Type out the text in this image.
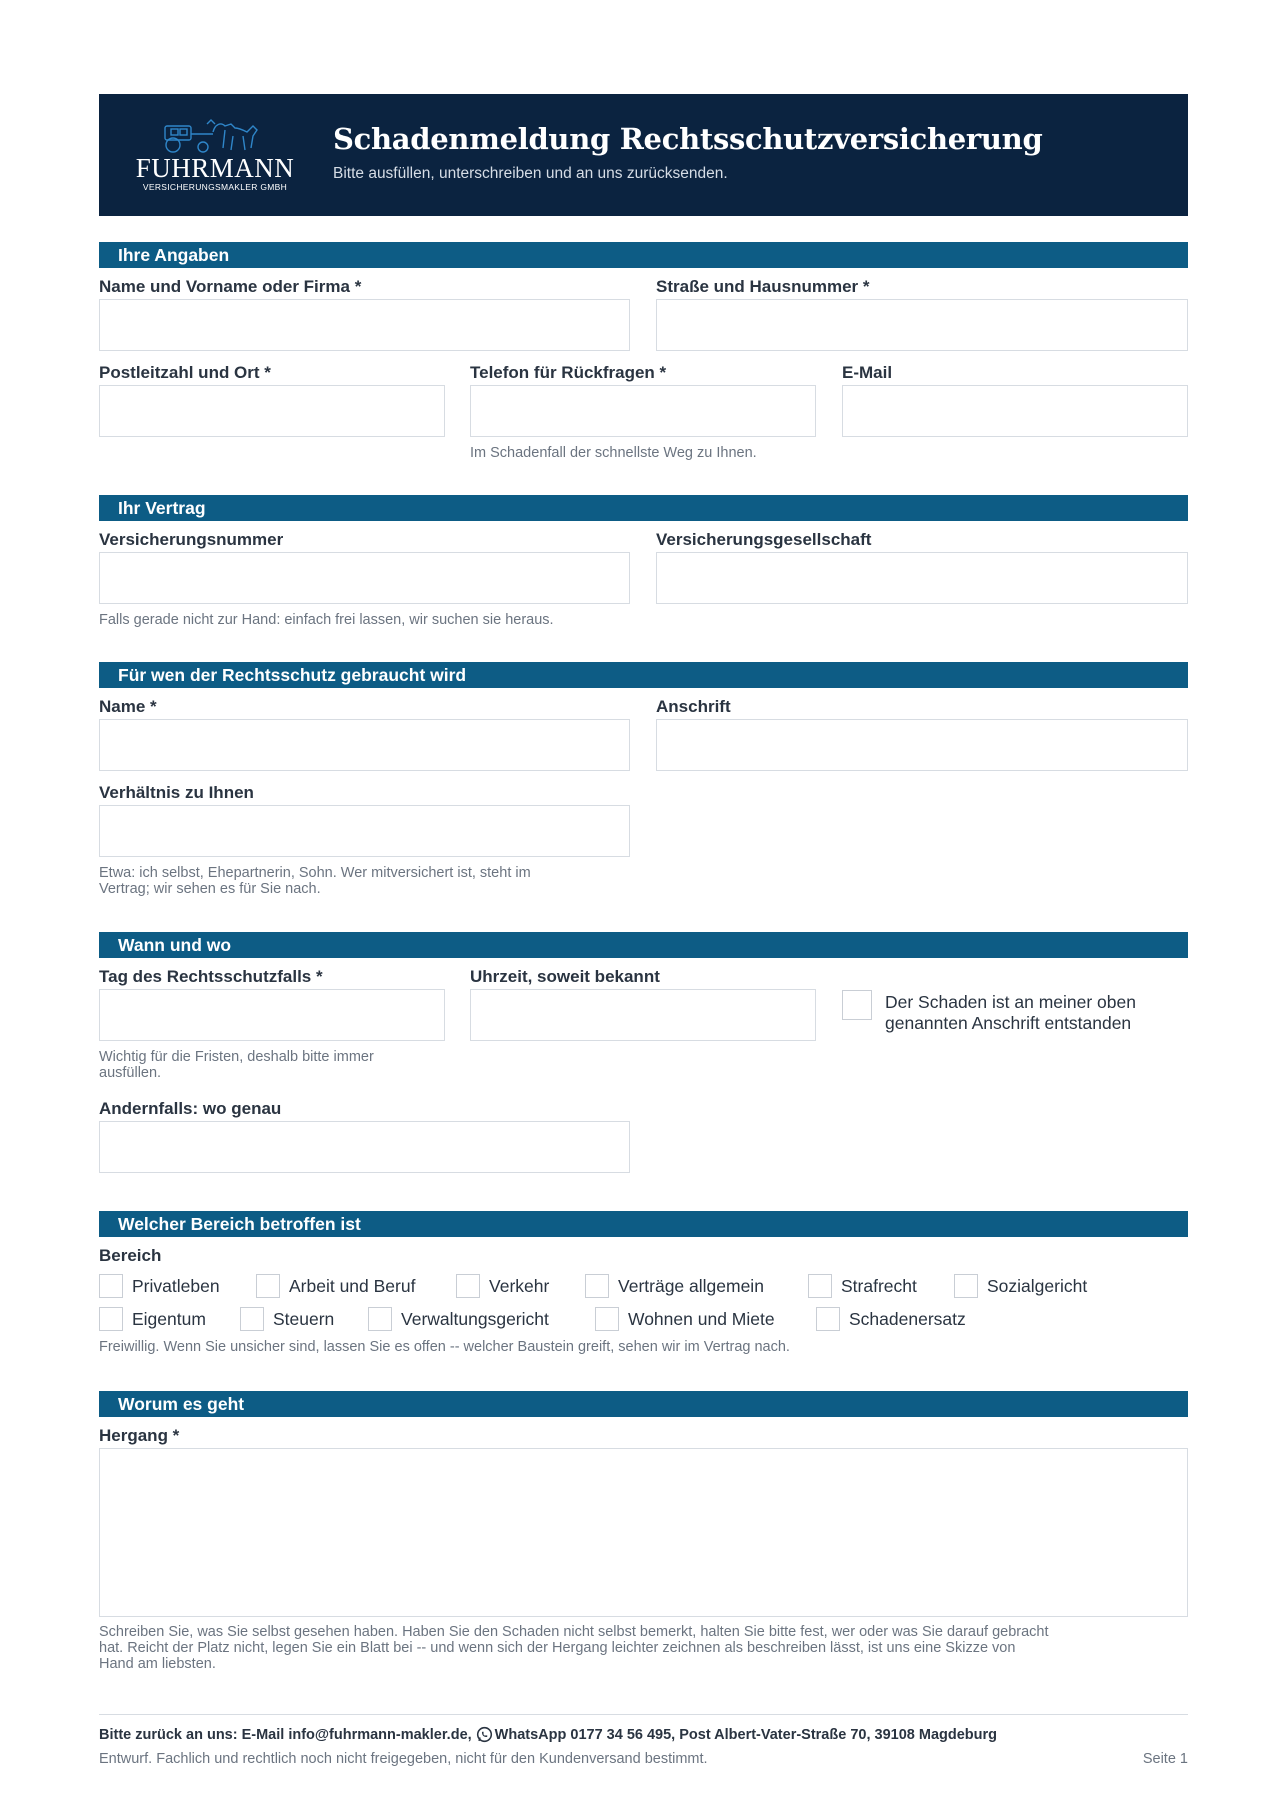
FUHRMANN
VERSICHERUNGSMAKLER GMBH
Schadenmeldung Rechtsschutzversicherung
Bitte ausfüllen, unterschreiben und an uns zurücksenden.
Ihre Angaben
Name und Vorname oder Firma *	Straße und Hausnummer *
Postleitzahl und Ort *	Telefon für Rückfragen *	E-Mail
Im Schadenfall der schnellste Weg zu Ihnen.
Ihr Vertrag
Versicherungsnummer	Versicherungsgesellschaft
Falls gerade nicht zur Hand: einfach frei lassen, wir suchen sie heraus.
Für wen der Rechtsschutz gebraucht wird
Name *	Anschrift
Verhältnis zu Ihnen
Etwa: ich selbst, Ehepartnerin, Sohn. Wer mitversichert ist, steht im
Vertrag; wir sehen es für Sie nach.
Wann und wo
Tag des Rechtsschutzfalls *	Uhrzeit, soweit bekannt
Der Schaden ist an meiner oben
genannten Anschrift entstanden
Wichtig für die Fristen, deshalb bitte immer
ausfüllen.
Andernfalls: wo genau
Welcher Bereich betroffen ist
Bereich
Privatleben	Arbeit und Beruf	Verkehr	Verträge allgemein	Strafrecht	Sozialgericht
Eigentum	Steuern	Verwaltungsgericht	Wohnen und Miete	Schadenersatz
Freiwillig. Wenn Sie unsicher sind, lassen Sie es offen -- welcher Baustein greift, sehen wir im Vertrag nach.
Worum es geht
Hergang *
Schreiben Sie, was Sie selbst gesehen haben. Haben Sie den Schaden nicht selbst bemerkt, halten Sie bitte fest, wer oder was Sie darauf gebracht
hat. Reicht der Platz nicht, legen Sie ein Blatt bei -- und wenn sich der Hergang leichter zeichnen als beschreiben lässt, ist uns eine Skizze von
Hand am liebsten.
Bitte zurück an uns: E-Mail info@fuhrmann-makler.de, WhatsApp 0177 34 56 495, Post Albert-Vater-Straße 70, 39108 Magdeburg
Entwurf. Fachlich und rechtlich noch nicht freigegeben, nicht für den Kundenversand bestimmt.	Seite 1
